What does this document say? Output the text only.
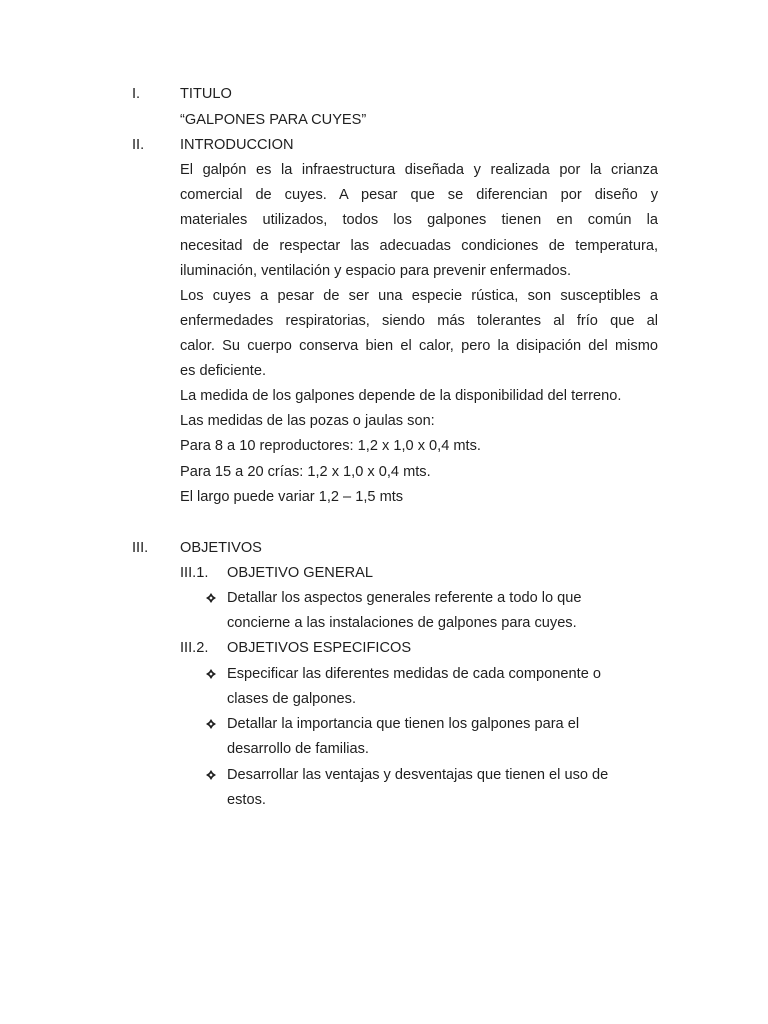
I.	TITULO
“GALPONES PARA CUYES”
II. INTRODUCCION
El galpón es la infraestructura diseñada y realizada por la crianza
comercial de cuyes. A pesar que se diferencian por diseño y
materiales utilizados, todos los galpones tienen en común la
necesitad de respectar las adecuadas condiciones de temperatura,
iluminación, ventilación y espacio para prevenir enfermados.
Los cuyes a pesar de ser una especie rústica, son susceptibles a
enfermedades respiratorias, siendo más tolerantes al frío que al
calor. Su cuerpo conserva bien el calor, pero la disipación del mismo
es deficiente.
La medida de los galpones depende de la disponibilidad del terreno.
Las medidas de las pozas o jaulas son:
Para 8 a 10 reproductores: 1,2 x 1,0 x 0,4 mts.
Para 15 a 20 crías: 1,2 x 1,0 x 0,4 mts.
El largo puede variar 1,2 – 1,5 mts
III. OBJETIVOS
III.1. OBJETIVO GENERAL
Detallar los aspectos generales referente a todo lo que
concierne a las instalaciones de galpones para cuyes.
III.2. OBJETIVOS ESPECIFICOS
Especificar las diferentes medidas de cada componente o
clases de galpones.
Detallar la importancia que tienen los galpones para el
desarrollo de familias.
Desarrollar las ventajas y desventajas que tienen el uso de
estos.
